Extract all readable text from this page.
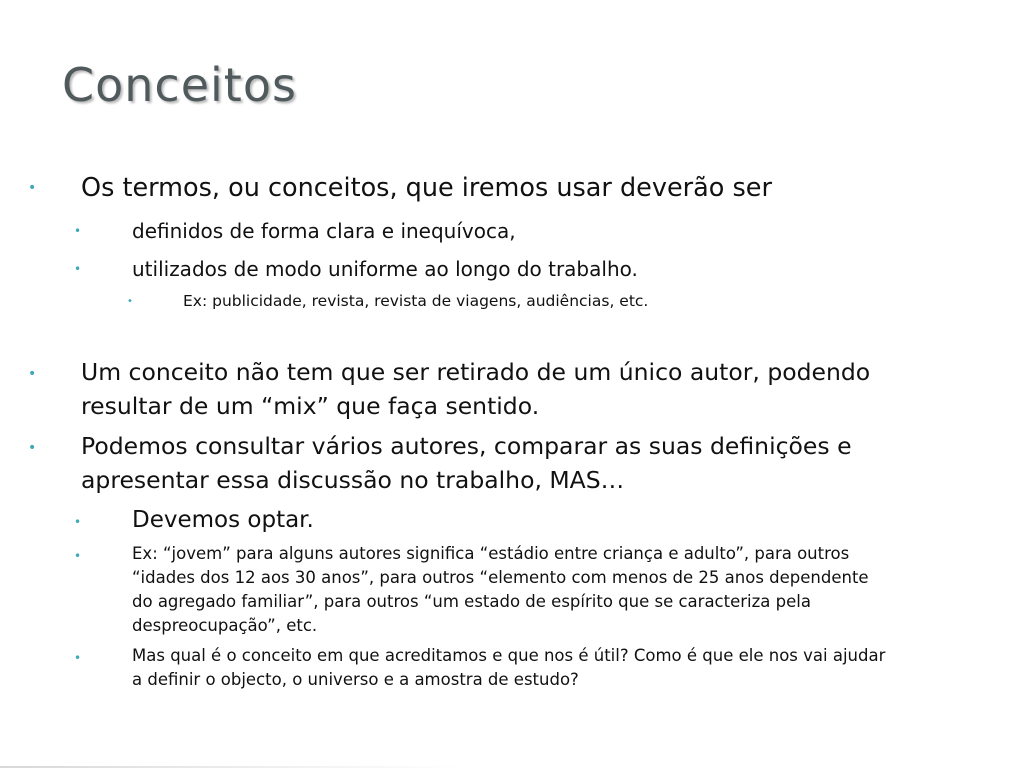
Conceitos
• Os termos, ou conceitos, que iremos usar deverão ser
•	definidos de forma clara e inequívoca,
•	utilizados de modo uniforme ao longo do trabalho.
•	Ex: publicidade, revista, revista de viagens, audiências, etc.
• Um conceito não tem que ser retirado de um único autor, podendo
resultar de um “mix” que faça sentido.
• Podemos consultar vários autores, comparar as suas definições e
apresentar essa discussão no trabalho, MAS…
• Devemos optar.
•	Ex: “jovem” para alguns autores significa “estádio entre criança e adulto”, para outros
“idades dos 12 aos 30 anos”, para outros “elemento com menos de 25 anos dependente
do agregado familiar”, para outros “um estado de espírito que se caracteriza pela
despreocupação”, etc.
•	Mas qual é o conceito em que acreditamos e que nos é útil? Como é que ele nos vai ajudar
a definir o objecto, o universo e a amostra de estudo?
